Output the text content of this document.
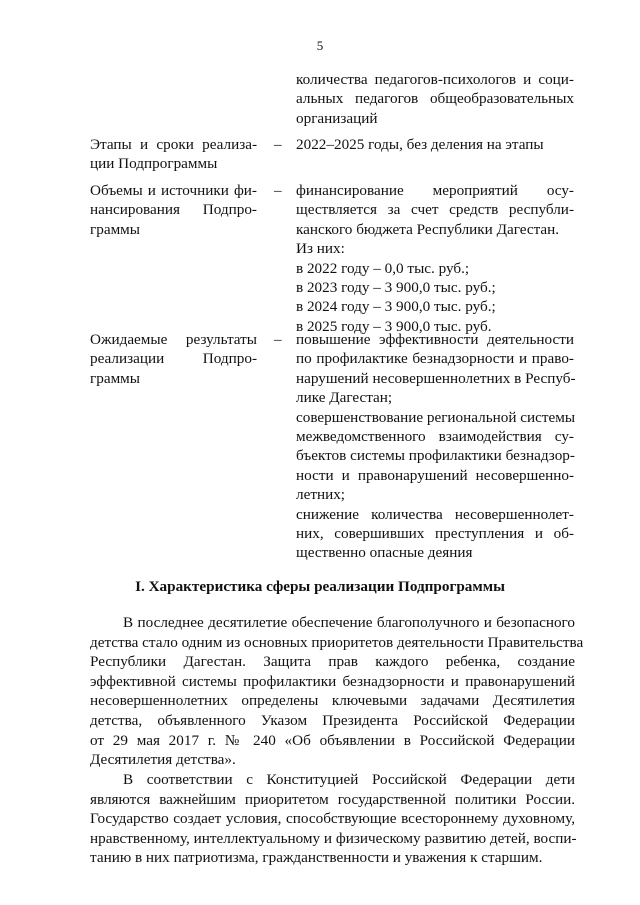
5
количества педагогов-психологов и соци-
альных педагогов общеобразовательных
организаций
Этапы и сроки реализа-
ции Подпрограммы
– 2022–2025 годы, без деления на этапы
Объемы и источники фи-
нансирования Подпро-
граммы
– финансирование мероприятий осу-
ществляется за счет средств республи-
канского бюджета Республики Дагестан.
Из них:
в 2022 году – 0,0 тыс. руб.;
в 2023 году – 3 900,0 тыс. руб.;
в 2024 году – 3 900,0 тыс. руб.;
в 2025 году – 3 900,0 тыс. руб.
Ожидаемые результаты
реализации Подпро-
граммы
– повышение эффективности деятельности
по профилактике безнадзорности и право-
нарушений несовершеннолетних в Респуб-
лике Дагестан;
совершенствование региональной системы
межведомственного взаимодействия су-
бъектов системы профилактики безнадзор-
ности и правонарушений несовершенно-
летних;
снижение количества несовершеннолет-
них, совершивших преступления и об-
щественно опасные деяния
I. Характеристика сферы реализации Подпрограммы
В последнее десятилетие обеспечение благополучного и безопасного
детства стало одним из основных приоритетов деятельности Правительства
Республики Дагестан. Защита прав каждого ребенка, создание
эффективной системы профилактики безнадзорности и правонарушений
несовершеннолетних определены ключевыми задачами Десятилетия
детства, объявленного Указом Президента Российской Федерации
от 29 мая 2017 г. № 240 «Об объявлении в Российской Федерации
Десятилетия детства».
В соответствии с Конституцией Российской Федерации дети
являются важнейшим приоритетом государственной политики России.
Государство создает условия, способствующие всестороннему духовному,
нравственному, интеллектуальному и физическому развитию детей, воспи-
танию в них патриотизма, гражданственности и уважения к старшим.
